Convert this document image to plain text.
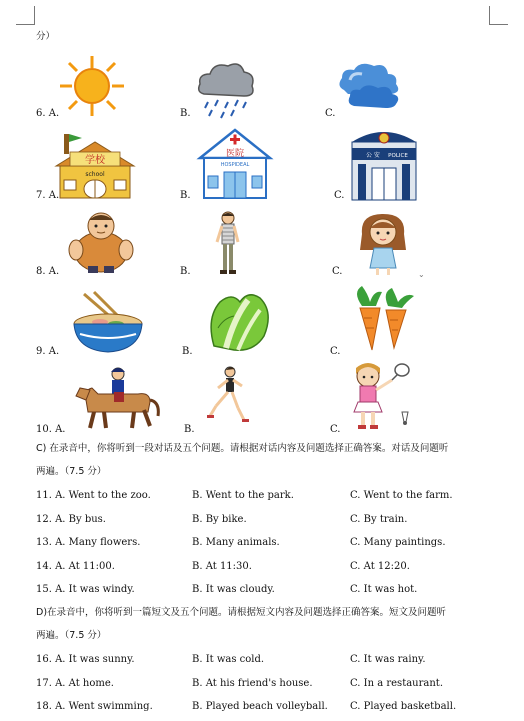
分）
6. A.	B.	C.
7. A.	B.	C.
学校
school
医院
HOSPIDEAL
公 安 POLICE
8. A.	B.	C.	⌄
9. A.	B.	C.
10. A.	B.	C.
C) 在录音中，你将听到一段对话及五个问题。请根据对话内容及问题选择正确答案。对话及问题听
两遍。（7.5 分）
11. A. Went to the zoo.	B. Went to the park.	C. Went to the farm.
12. A. By bus.	B. By bike.	C. By train.
13. A. Many flowers.	B. Many animals.	C. Many paintings.
14. A. At 11:00.	B. At 11:30.	C. At 12:20.
15. A. It was windy.	B. It was cloudy.	C. It was hot.
D)在录音中，你将听到一篇短文及五个问题。请根据短文内容及问题选择正确答案。短文及问题听
两遍。（7.5 分）
16. A. It was sunny.	B. It was cold.	C. It was rainy.
17. A. At home.	B. At his friend's house.	C. In a restaurant.
18. A. Went swimming.	B. Played beach volleyball. C. Played basketball.
